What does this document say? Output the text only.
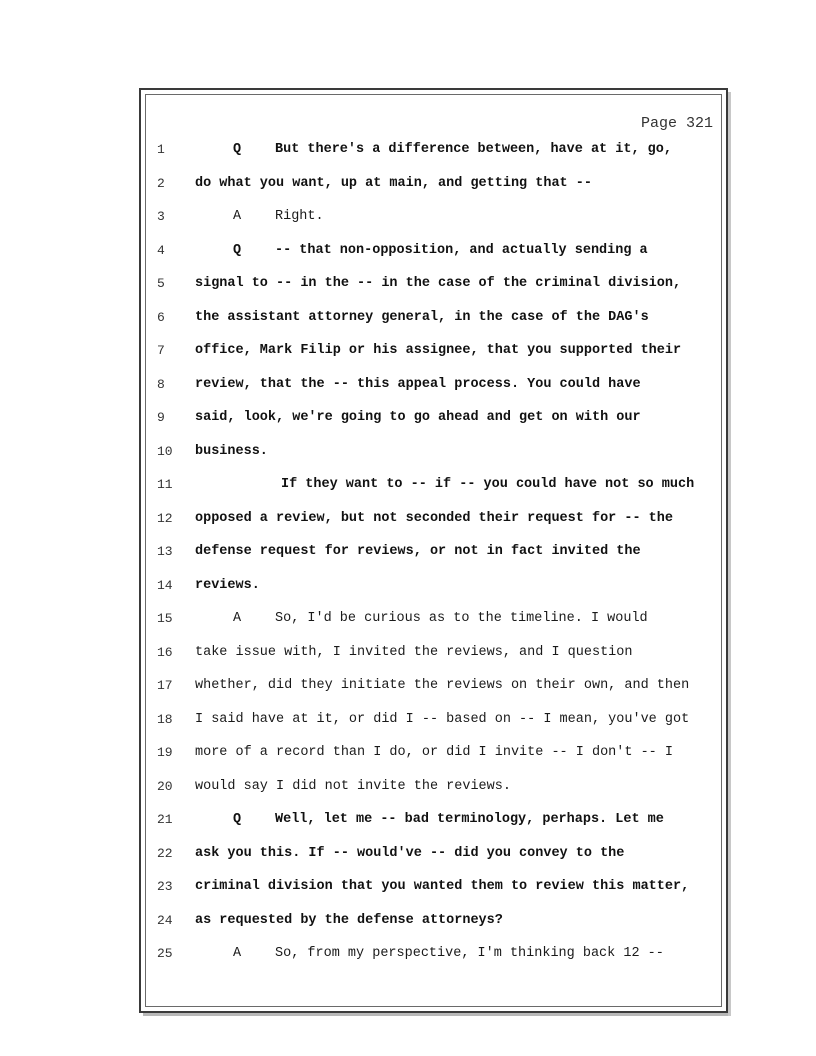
Page 321
1	Q	But there's a difference between, have at it, go,
2	do what you want, up at main, and getting that --
3	A	Right.
4	Q	-- that non-opposition, and actually sending a
5	signal to -- in the -- in the case of the criminal division,
6	the assistant attorney general, in the case of the DAG's
7	office, Mark Filip or his assignee, that you supported their
8	review, that the -- this appeal process. You could have
9	said, look, we're going to go ahead and get on with our
10	business.
11	If they want to -- if -- you could have not so much
12	opposed a review, but not seconded their request for -- the
13	defense request for reviews, or not in fact invited the
14	reviews.
15	A	So, I'd be curious as to the timeline. I would
16	take issue with, I invited the reviews, and I question
17	whether, did they initiate the reviews on their own, and then
18	I said have at it, or did I -- based on -- I mean, you've got
19	more of a record than I do, or did I invite -- I don't -- I
20	would say I did not invite the reviews.
21	Q	Well, let me -- bad terminology, perhaps. Let me
22	ask you this. If -- would've -- did you convey to the
23	criminal division that you wanted them to review this matter,
24	as requested by the defense attorneys?
25	A	So, from my perspective, I'm thinking back 12 --
